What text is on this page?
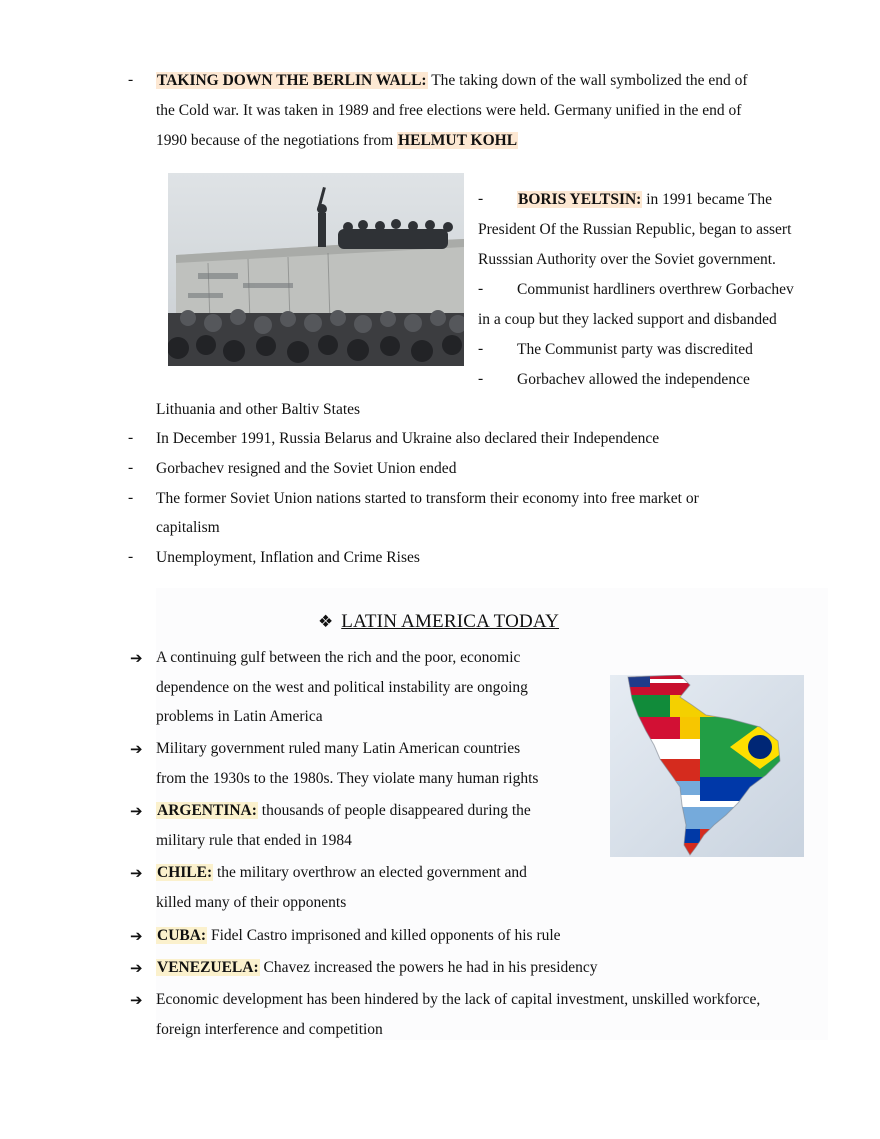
-	TAKING DOWN THE BERLIN WALL: The taking down of the wall symbolized the end of
the Cold war. It was taken in 1989 and free elections were held. Germany unified in the end of
1990 because of the negotiations from HELMUT KOHL
-	BORIS YELTSIN: in 1991 became The
President Of the Russian Republic, began to assert
Russsian Authority over the Soviet government.
-	Communist hardliners overthrew Gorbachev
in a coup but they lacked support and disbanded
-	The Communist party was discredited
-	Gorbachev allowed the independence
Lithuania and other Baltiv States
-	In December 1991, Russia Belarus and Ukraine also declared their Independence
-	Gorbachev resigned and the Soviet Union ended
-	The former Soviet Union nations started to transform their economy into free market or
capitalism
-	Unemployment, Inflation and Crime Rises
❖ LATIN AMERICA TODAY
➔ A continuing gulf between the rich and the poor, economic
dependence on the west and political instability are ongoing
problems in Latin America
➔ Military government ruled many Latin American countries
from the 1930s to the 1980s. They violate many human rights
➔ ARGENTINA: thousands of people disappeared during the
military rule that ended in 1984
➔ CHILE: the military overthrow an elected government and
killed many of their opponents
➔ CUBA: Fidel Castro imprisoned and killed opponents of his rule
➔ VENEZUELA: Chavez increased the powers he had in his presidency
➔ Economic development has been hindered by the lack of capital investment, unskilled workforce,
foreign interference and competition
